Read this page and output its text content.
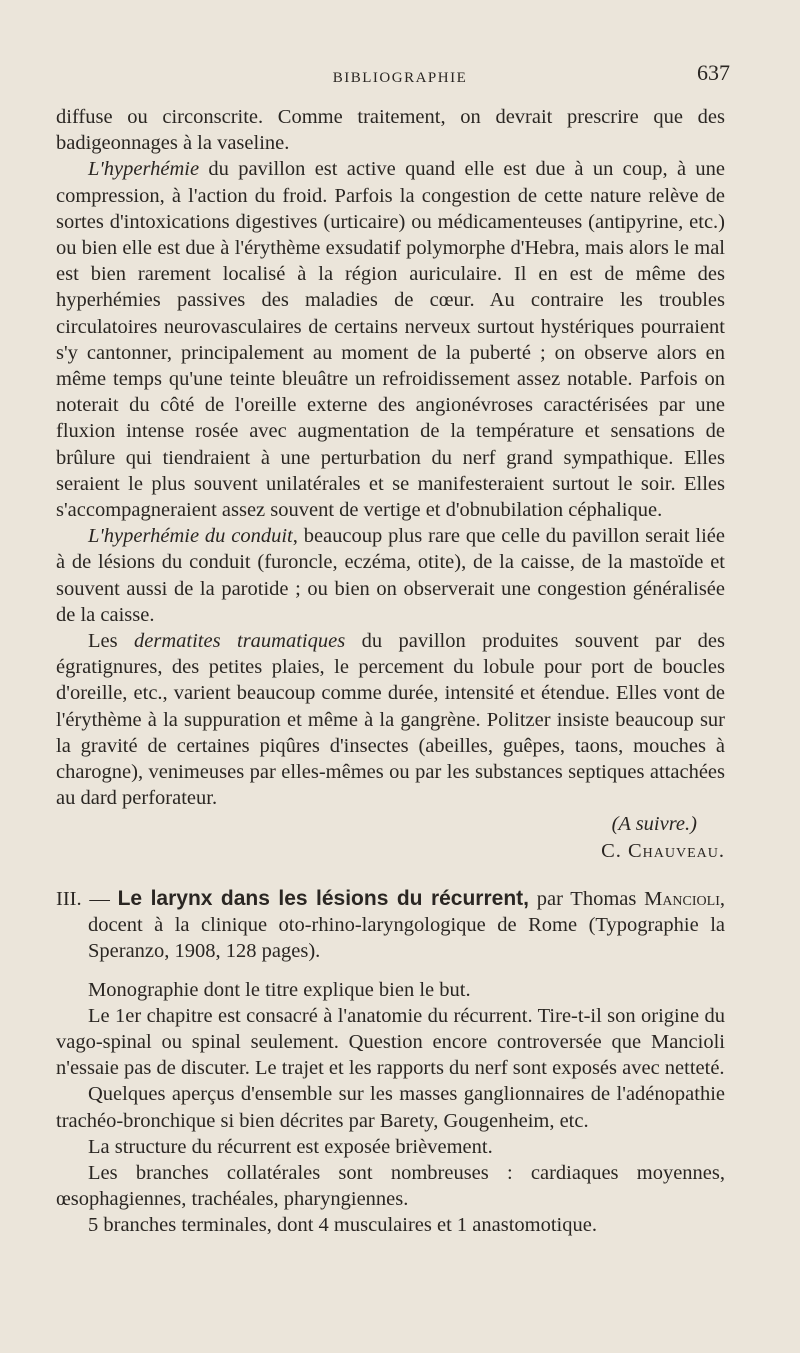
BIBLIOGRAPHIE	637

diffuse ou circonscrite. Comme traitement, on devrait prescrire que des badigeonnages à la vaseline.

L'hyperhémie du pavillon est active quand elle est due à un coup, à une compression, à l'action du froid. Parfois la congestion de cette nature relève de sortes d'intoxications digestives (urticaire) ou médicamenteuses (antipyrine, etc.) ou bien elle est due à l'érythème exsudatif polymorphe d'Hebra, mais alors le mal est bien rarement localisé à la région auriculaire. Il en est de même des hyperhémies passives des maladies de cœur. Au contraire les troubles circulatoires neurovasculaires de certains nerveux surtout hystériques pourraient s'y cantonner, principalement au moment de la puberté ; on observe alors en même temps qu'une teinte bleuâtre un refroidissement assez notable. Parfois on noterait du côté de l'oreille externe des angionévroses caractérisées par une fluxion intense rosée avec augmentation de la température et sensations de brûlure qui tiendraient à une perturbation du nerf grand sympathique. Elles seraient le plus souvent unilatérales et se manifesteraient surtout le soir. Elles s'accompagneraient assez souvent de vertige et d'obnubilation céphalique.

L'hyperhémie du conduit, beaucoup plus rare que celle du pavillon serait liée à de lésions du conduit (furoncle, eczéma, otite), de la caisse, de la mastoïde et souvent aussi de la parotide ; ou bien on observerait une congestion généralisée de la caisse.

Les dermatites traumatiques du pavillon produites souvent par des égratignures, des petites plaies, le percement du lobule pour port de boucles d'oreille, etc., varient beaucoup comme durée, intensité et étendue. Elles vont de l'érythème à la suppuration et même à la gangrène. Politzer insiste beaucoup sur la gravité de certaines piqûres d'insectes (abeilles, guêpes, taons, mouches à charogne), venimeuses par elles-mêmes ou par les substances septiques attachées au dard perforateur.

(A suivre.)

C. Chauveau.

III. — Le larynx dans les lésions du récurrent, par Thomas Mancioli, docent à la clinique oto-rhino-laryngologique de Rome (Typographie la Speranzo, 1908, 128 pages).

Monographie dont le titre explique bien le but.

Le 1er chapitre est consacré à l'anatomie du récurrent. Tire-t-il son origine du vago-spinal ou spinal seulement. Question encore controversée que Mancioli n'essaie pas de discuter. Le trajet et les rapports du nerf sont exposés avec netteté.

Quelques aperçus d'ensemble sur les masses ganglionnaires de l'adénopathie trachéo-bronchique si bien décrites par Barety, Gougenheim, etc.

La structure du récurrent est exposée brièvement.

Les branches collatérales sont nombreuses : cardiaques moyennes, œsophagiennes, trachéales, pharyngiennes.

5 branches terminales, dont 4 musculaires et 1 anastomotique.
